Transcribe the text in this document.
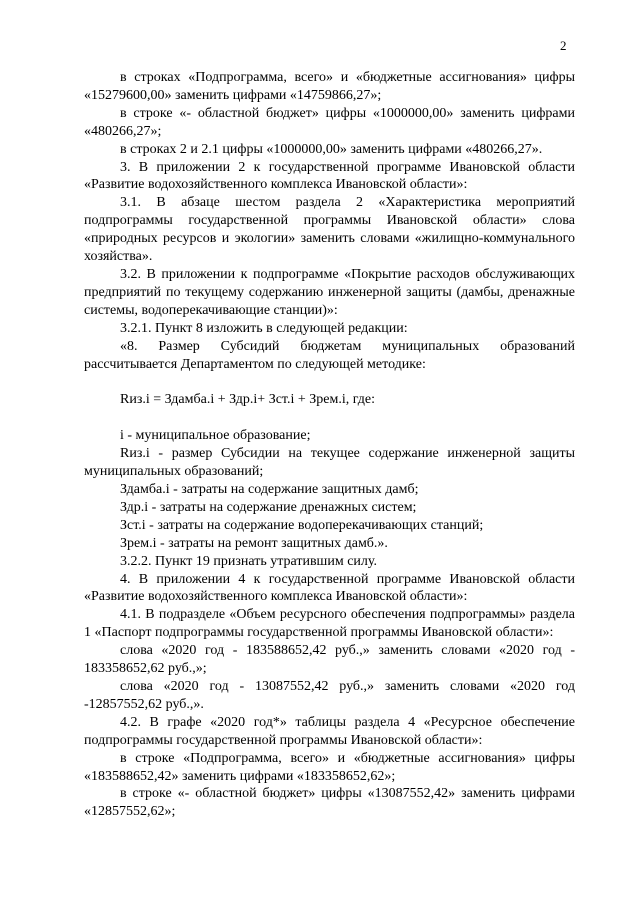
2

в строках «Подпрограмма, всего» и «бюджетные ассигнования» цифры «15279600,00» заменить цифрами «14759866,27»;

в строке «- областной бюджет» цифры «1000000,00» заменить цифрами «480266,27»;

в строках 2 и 2.1 цифры «1000000,00» заменить цифрами «480266,27».

3. В приложении 2 к государственной программе Ивановской области «Развитие водохозяйственного комплекса Ивановской области»:

3.1. В абзаце шестом раздела 2 «Характеристика мероприятий подпрограммы государственной программы Ивановской области» слова «природных ресурсов и экологии» заменить словами «жилищно-коммунального хозяйства».

3.2. В приложении к подпрограмме «Покрытие расходов обслуживающих предприятий по текущему содержанию инженерной защиты (дамбы, дренажные системы, водоперекачивающие станции)»:

3.2.1. Пункт 8 изложить в следующей редакции:

«8. Размер Субсидий бюджетам муниципальных образований рассчитывается Департаментом по следующей методике:

Rиз.i = Здамба.i + Здр.i+ Зст.i + Зрем.i, где:

i - муниципальное образование;

Rиз.i - размер Субсидии на текущее содержание инженерной защиты муниципальных образований;

Здамба.i - затраты на содержание защитных дамб;

Здр.i - затраты на содержание дренажных систем;

Зст.i - затраты на содержание водоперекачивающих станций;

Зрем.i - затраты на ремонт защитных дамб.».

3.2.2. Пункт 19 признать утратившим силу.

4. В приложении 4 к государственной программе Ивановской области «Развитие водохозяйственного комплекса Ивановской области»:

4.1. В подразделе «Объем ресурсного обеспечения подпрограммы» раздела 1 «Паспорт подпрограммы государственной программы Ивановской области»:

слова «2020 год - 183588652,42 руб.,» заменить словами «2020 год - 183358652,62 руб.,»;

слова «2020 год - 13087552,42 руб.,» заменить словами «2020 год -12857552,62 руб.,».

4.2. В графе «2020 год*» таблицы раздела 4 «Ресурсное обеспечение подпрограммы государственной программы Ивановской области»:

в строке «Подпрограмма, всего» и «бюджетные ассигнования» цифры «183588652,42» заменить цифрами «183358652,62»;

в строке «- областной бюджет» цифры «13087552,42» заменить цифрами «12857552,62»;
